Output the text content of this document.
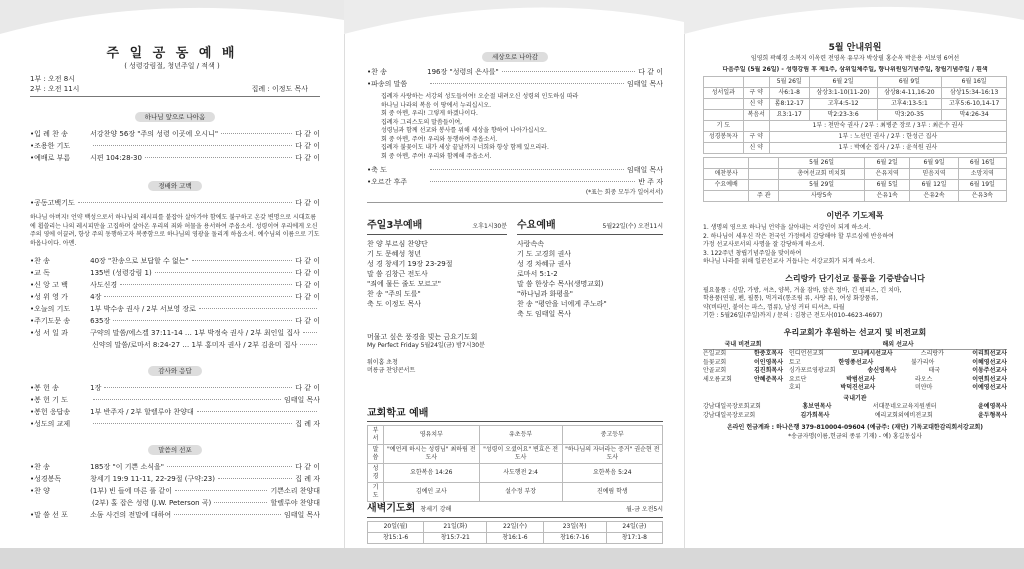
주 일 공 동 예 배
( 성령강림절, 청년주일 / 적색 )
1부 : 오전 8시
2부 : 오전 11시	집례 : 이정도 목사
하나님 앞으로 나아옴
• 입 례 찬 송	서강찬양 56장 "주의 성령 이곳에 오시니"	다 같 이
• 조용한 기도	다 같 이
• 예배로 부름	시편 104:28-30	다 같 이
경배와 고백
• 공동고백기도	다 같 이
하나님 아버지! 언약 백성으로서 하나님의 레시피를 붙잡아 살아가야 함에도 불구하고 온갖 변명으로 시대흐름에 휩쓸리는 나의 레시피만을 고집하며 살아온 우리의 죄와 허물을 용서하여 주옵소서. 성령이여 우리에게 오신 주의 영에 이끌려, 항상 주의 동행하고자 복종함으로 하나님의 영광을 돌리게 하옵소서. 예수님의 이름으로 기도하옵나이다. 아멘.
• 찬 송	40장 "찬송으로 보답할 수 없는"	다 같 이
• 교 독	135번 (성령강림 1)	다 같 이
• 신 앙 고 백	사도신경	다 같 이
• 성 위 영 가	4장	다 같 이
• 오늘의 기도	1부 박수송 권사 / 2부 서보영 장로
• 주기도문 송	635장	다 같 이
• 성 서 일 과	구약의 말씀/에스겔 37:11-14 … 1부 박정숙 권사 / 2부 최인일 집사
신약의 말씀/로마서 8:24-27 … 1부 홍미자 권사 / 2부 김윤미 집사
감사와 응답
• 봉 헌 송	1장	다 같 이
• 봉 헌 기 도	임태일 목사
• 봉헌 응답송	1부 반주자 / 2부 할렐루야 찬양대
• 성도의 교제	집 례 자
말씀의 선포
• 찬 송	185장 "이 기쁜 소식을"	다 같 이
• 성경봉독	창세기 19:9 11-11, 22-29절 (구약:23)	집 례 자
• 찬 양	(1부) 빈 들에 마른 풀 같이	기쁜소리 찬양대
(2부) 홀 잡은 성령 (J.W. Peterson 곡)	할렐루야 찬양대
• 말 씀 선 포	소돔 사건의 전말에 대하여	임태일 목사
세상으로 나아감
• 찬 송	196장 "성령의 은사를"	다 같 이
• 파송의 말씀	임태일 목사
집례자 사랑하는 서강의 성도들이여! 오순절 내려오신 성령의 인도하심 따라
하나님 나라의 복음 이 땅에서 누리십시오.
회 중 아멘, 우리! 그렇게 하겠나이다.
집례자 그리스도의 말씀들이여,
성령님과 함께 선교와 봉사를 위해 세상을 향하여 나아가십시오.
회 중 아멘, 주여! 우리와 동행하여 주옵소서.
집례자 불꽃이도 내가 세상 끝날까지 너희와 항상 함께 있으리라.
회 중 아멘, 주여! 우리와 함께해 주옵소서.
• 축 도	임태일 목사
• 오르간 후주	반 주 자
(*표는 회중 모두가 일어서서)
주일3부예배	오후1시30분
찬 양 부르심 찬양단
기 도 문혜성 청년
성 경 창세기 19장 23-29절
말 씀 김창근 전도사
"죄에 물든 줄도 모르고"
찬 송 "주의 도를"
축 도 이정도 목사
수요예배	5월22일(수) 오전11시
사랑속속
기 도 고경희 권사
성 경 차혜규 권사
로마서 5:1-2
말 씀 한상수 목사(생명교회)
"하나님과 화평을"
찬 송 "평안을 너에게 주노라"
축 도 임태일 목사
머물고 싶은 풍경을 빚는 금요기도회
My Perfect Friday 5월24일(금) 밤7시30분
워이홈 초청
머릉금 찬양콘서트
교회학교 예배
부서	영유치부	유초등부	중고등부
말씀	"예언케 하시는 성령님" 최하림 전도사	"성령이 오셨어요" 변효은 전도사	"하나님의 자녀라는 증거" 권순현 전도사
성경	요한복음 14:26	사도행전 2:4	요한복음 5:24
기도	김예인 교사	설수정 부장	진예림 학생
새벽기도회 창세기 강해	월-금 오전5시
20일(월)	21일(화)	22일(수)	23일(목)	24일(금)
창15:1-6	창15:7-21	창16:1-6	창16:7-16	창17:1-8
5월 안내위원
임영희 곽혜경 소복지 이옥련 전영옥 유부자 박상필 홍순옥 박운용 서보영 6여선
다음주일 (5월 26일) - 성령강림 후 제1주, 삼위일체주일, 향나위원임기념주일, 창립기념주일 / 흰색
		5월 26일	6월 2일	6월 9일	6월 16일
성서일과	구 약	사6:1-8	삼상3:1-10(11-20)	삼상8:4-11,16-20	삼상15:34-16:13
	신 약	롬8:12-17	고후4:5-12	고후4:13-5:1	고후5:6-10,14-17
	복음서	요3:1-17	막2:23-3:6	막3:20-35	막4:26-34
기 도		1부 : 천만숙 권사 / 2부 : 최병준 장로 / 3부 : 최은수 권사			
성경봉독자	구 약	1부 : 노선민 권사 / 2부 : 한성근 집사			
	신 약	1부 : 박예순 집사 / 2부 : 윤석원 권사			
		5월 26일	6월 2일	6월 9일	6월 16일
애찬봉사		총여선교회 비치회	은유지역	믿음지역	소망지역
수요예배		5월 29일	6월 5일	6월 12일	6월 19일
	주 관	사랑5속	은유1속	은유2속	은유3속
이번주 기도제목
1. 생명의 영으로 하나님 언약을 살아내는 서강인이 되게 하소서.
2. 하나님이 세우신 작은 천국인 가정에서 감당해야 할 부르심에 반응하여
가정 선교사로서의 사명을 잘 감당하게 하소서.
3. 122주년 창립기념주일을 맞이하여
하나님 나라를 위해 일꾼선교사 거듭나는 서강교회가 되게 하소서.
스리랑카 단기선교 물품을 기증받습니다
필요물품 : 신발, 가방, 셔츠, 양복, 겨울 잠바, 앞은 정바, 긴 원피스, 긴 치마,
학용품(연필, 펜, 필통), 먹거리(통조림 류, 사탕 류), 여성 화장품류,
약(비타민, 붙이는 파스, 껌류), 남성 커터 티셔츠, 타월
기한 : 5월26일(주일)까지 / 문의 : 김창근 전도사(010-4623-4697)
우리교회가 후원하는 선교지 및 비전교회
국내 비전교회
은일교회	한중호목사
들꽃교회	이인영목사
안골교회	김진희목사
세오름교회	안혜준목사
해외 선교사
인디언선교회	모나케시선교사	스리랑카	이리희선교사
토고	한영종선교사	불가리아	이혜영선교사
싱가포르영광교회	송신영목사	태국	이동주선교사
요르단	박범선교사	라오스	이연희선교사
호피	박덕진선교사	미얀마	이예영선교사
국내기관
강남대일곡장로회교회	홍보연목사	서대문네오교육지원센터	윤예영목사
강남대일곡장로교회	김가희목사	예리교회외에비전교회	윤두형목사
온라인 헌금계좌 : 하나은행 379-810004-09604 (예금주: (재단) 기독교대한감리회서강교회)
*송금자명(이름,헌금의 종류 기재) - 예) 홍길동십사
